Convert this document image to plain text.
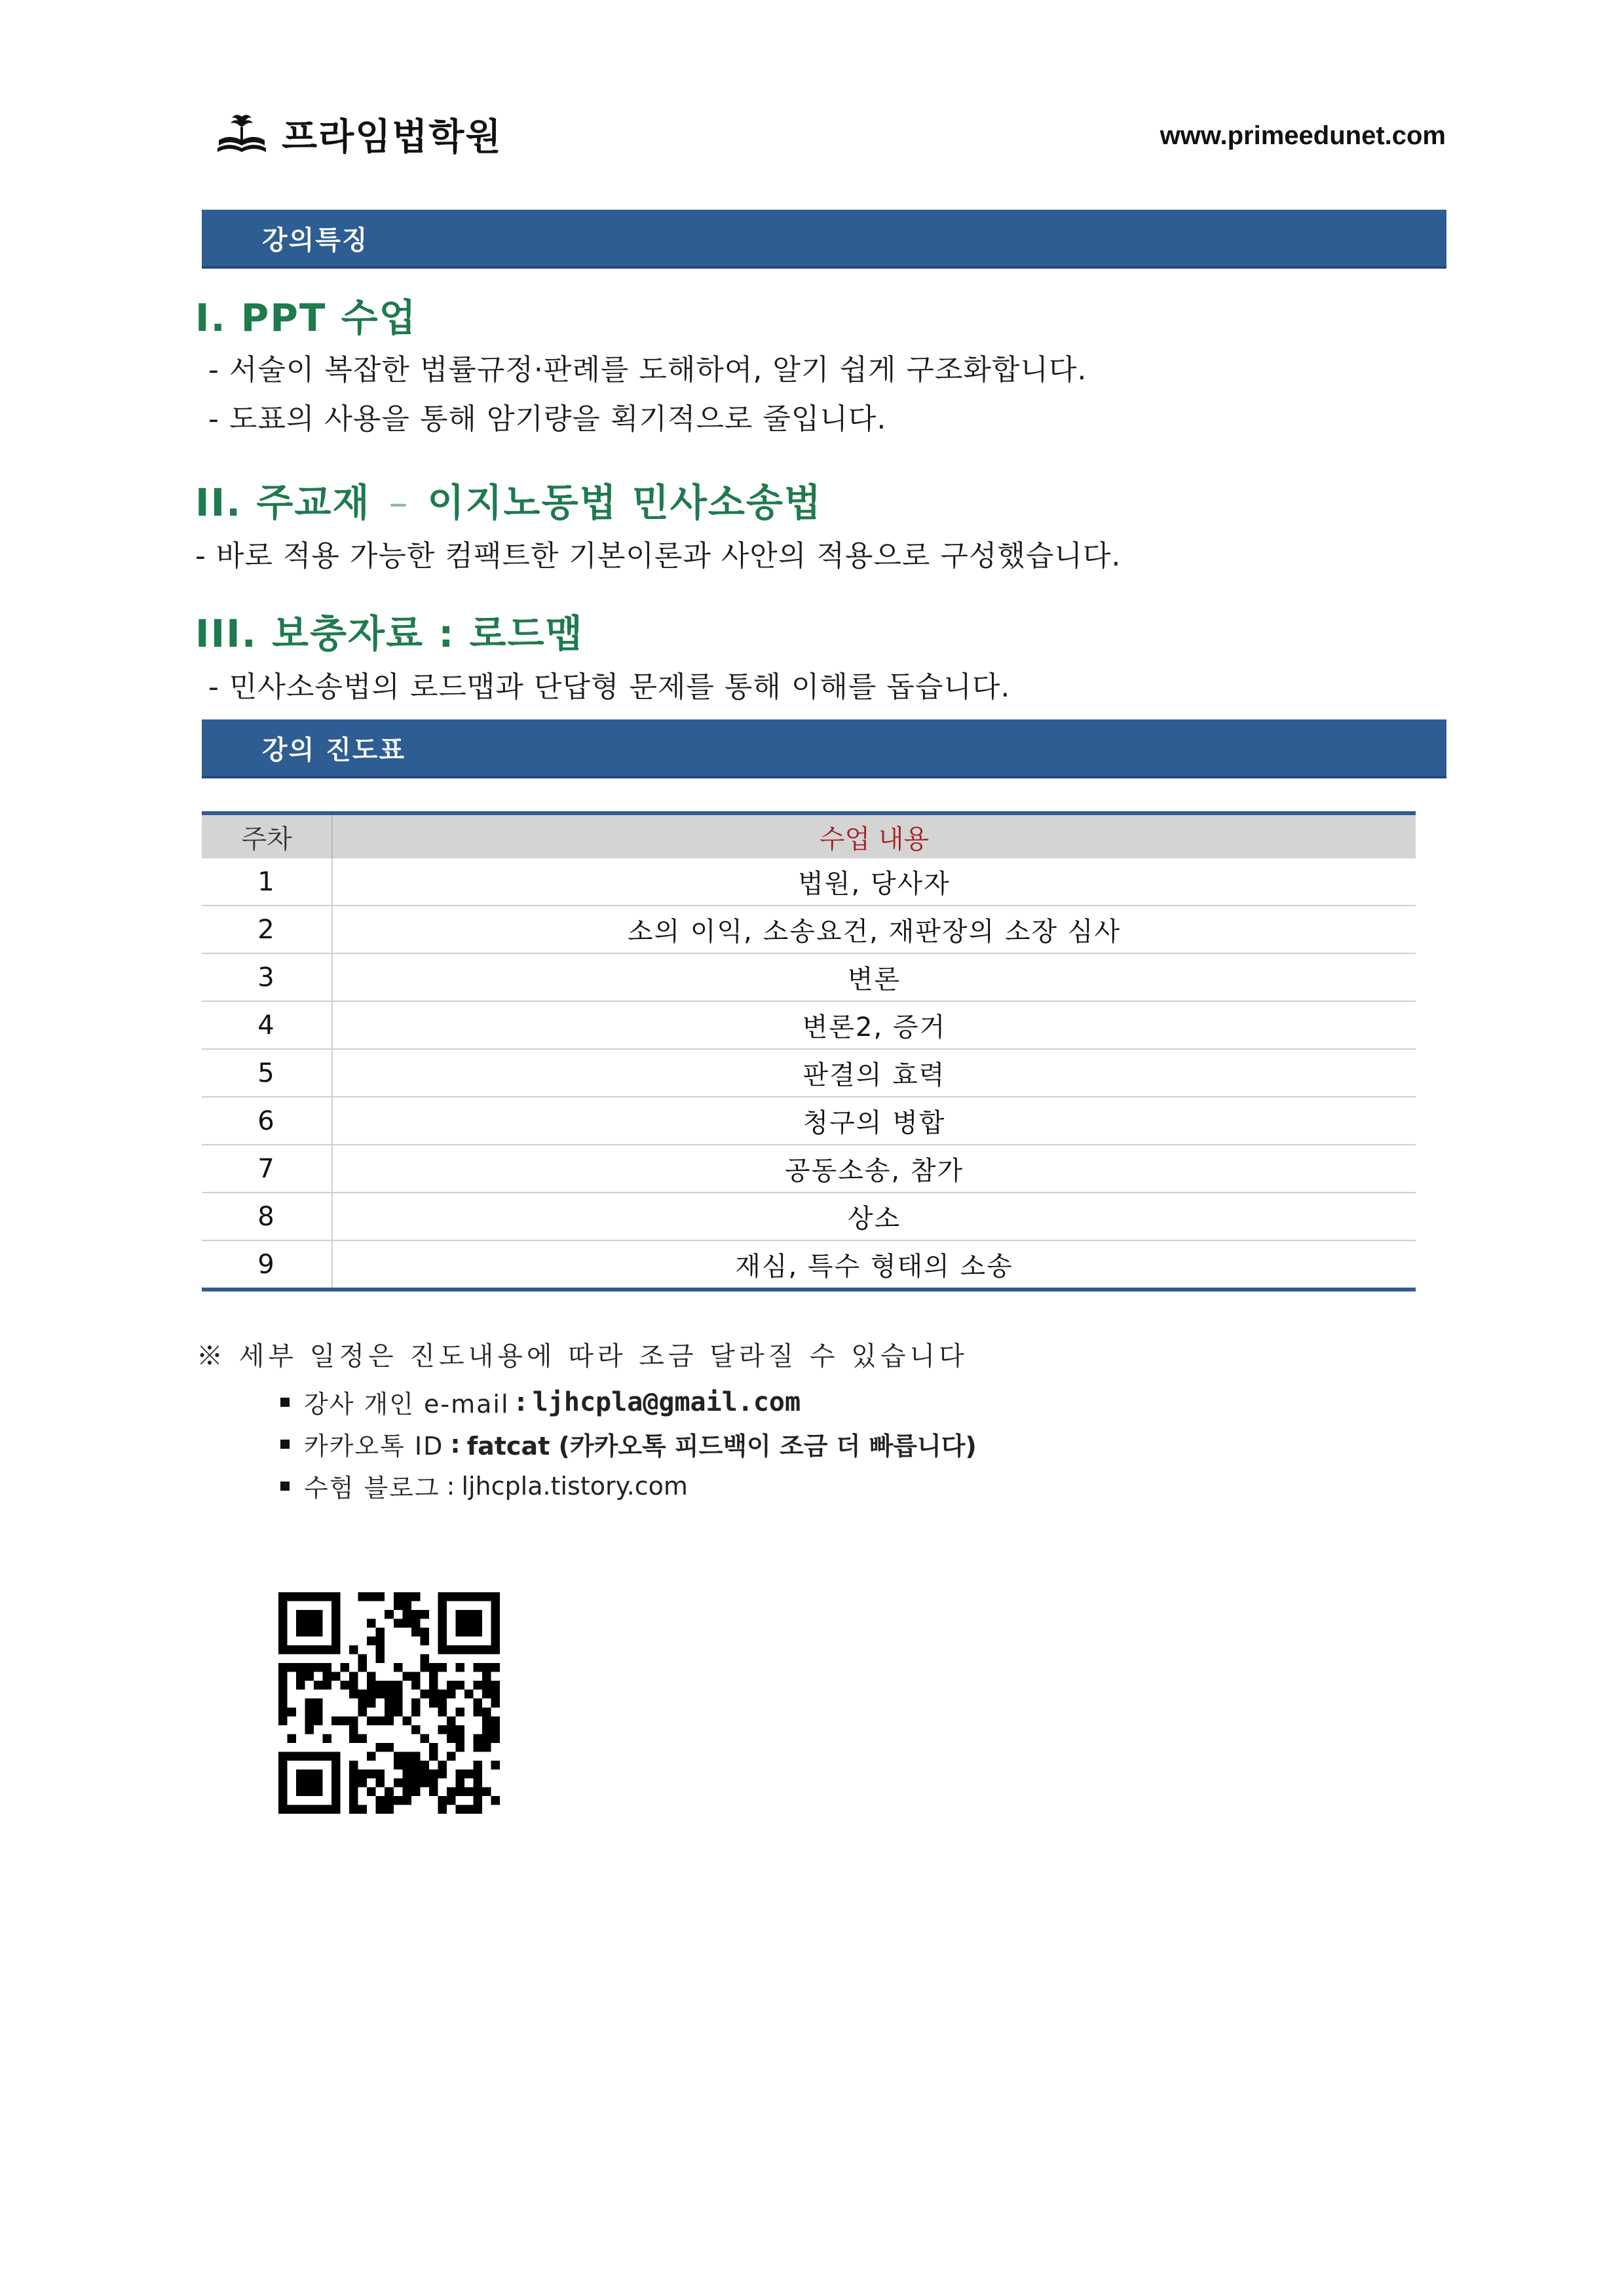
프라임법학원	www.primeedunet.com
강의특징
I. PPT 수업
- 서술이 복잡한 법률규정·판례를 도해하여, 알기 쉽게 구조화합니다.
- 도표의 사용을 통해 암기량을 획기적으로 줄입니다.
II. 주교재 – 이지노동법 민사소송법
- 바로 적용 가능한 컴팩트한 기본이론과 사안의 적용으로 구성했습니다.
III. 보충자료 : 로드맵
- 민사소송법의 로드맵과 단답형 문제를 통해 이해를 돕습니다.
강의 진도표
주차	수업 내용
1	법원, 당사자
2	소의 이익, 소송요건, 재판장의 소장 심사
3	변론
4	변론2, 증거
5	판결의 효력
6	청구의 병합
7	공동소송, 참가
8	상소
9	재심, 특수 형태의 소송
※ 세부 일정은 진도내용에 따라 조금 달라질 수 있습니다
강사 개인 e-mail : ljhcpla@gmail.com
카카오톡 ID : fatcat (카카오톡 피드백이 조금 더 빠릅니다)
수험 블로그 : ljhcpla.tistory.com
